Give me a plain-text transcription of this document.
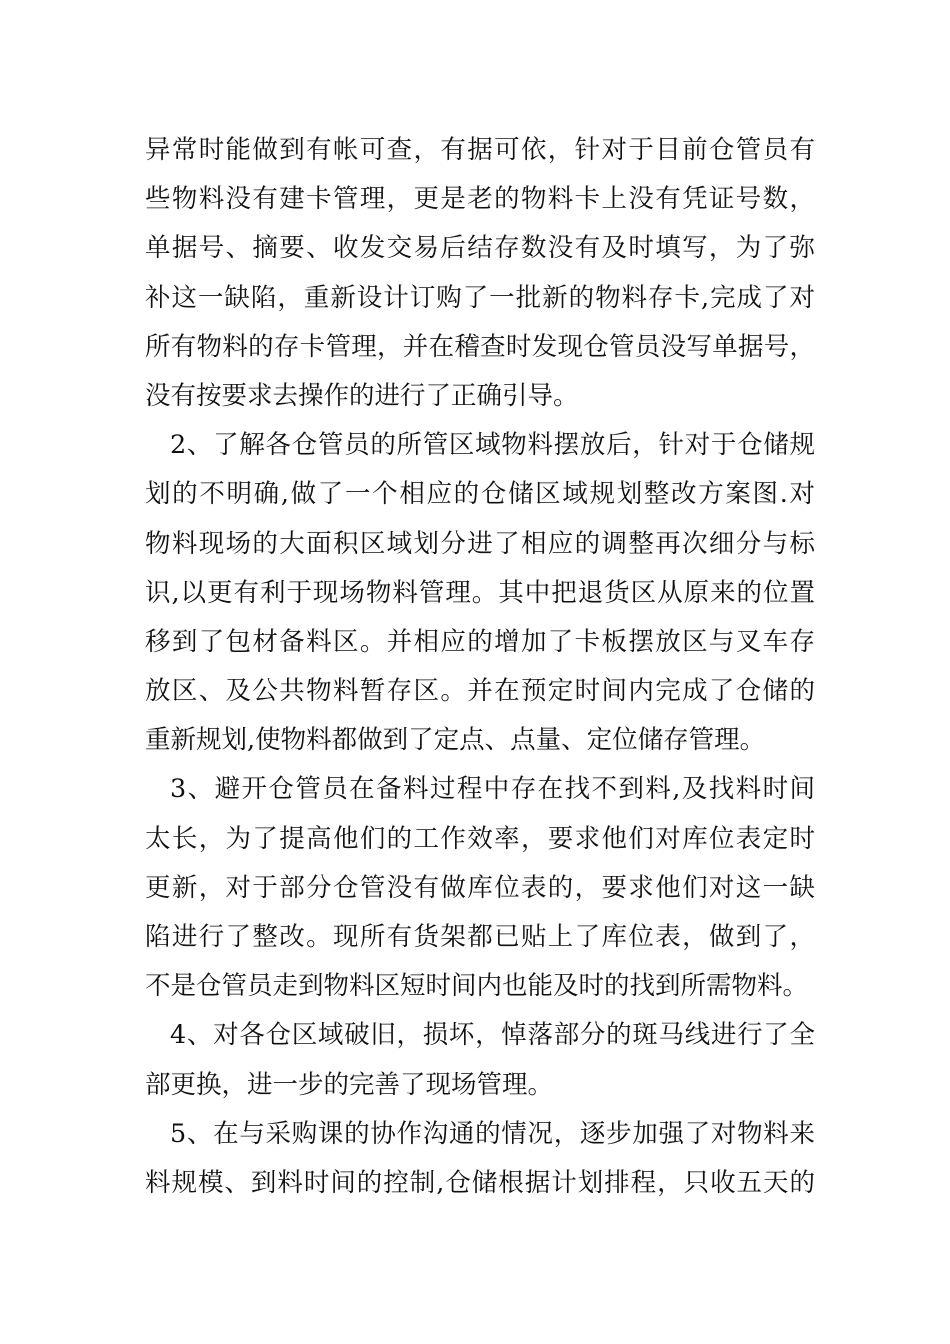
异常时能做到有帐可查，有据可依，针对于目前仓管员有
些物料没有建卡管理，更是老的物料卡上没有凭证号数，
单据号、摘要、收发交易后结存数没有及时填写，为了弥
补这一缺陷，重新设计订购了一批新的物料存卡,完成了对
所有物料的存卡管理，并在稽查时发现仓管员没写单据号，
没有按要求去操作的进行了正确引导。
2、了解各仓管员的所管区域物料摆放后，针对于仓储规
划的不明确,做了一个相应的仓储区域规划整改方案图.对
物料现场的大面积区域划分进了相应的调整再次细分与标
识,以更有利于现场物料管理。其中把退货区从原来的位置
移到了包材备料区。并相应的增加了卡板摆放区与叉车存
放区、及公共物料暂存区。并在预定时间内完成了仓储的
重新规划,使物料都做到了定点、点量、定位储存管理。
3、避开仓管员在备料过程中存在找不到料,及找料时间
太长，为了提高他们的工作效率，要求他们对库位表定时
更新，对于部分仓管没有做库位表的，要求他们对这一缺
陷进行了整改。现所有货架都已贴上了库位表，做到了，
不是仓管员走到物料区短时间内也能及时的找到所需物料。
4、对各仓区域破旧，损坏，悼落部分的斑马线进行了全
部更换，进一步的完善了现场管理。
5、在与采购课的协作沟通的情况，逐步加强了对物料来
料规模、到料时间的控制,仓储根据计划排程，只收五天的
